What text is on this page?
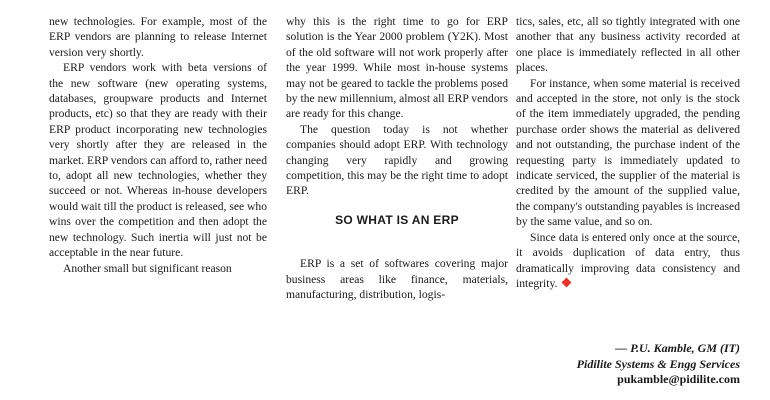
new technologies. For example, most of the ERP vendors are planning to release Internet version very shortly.

ERP vendors work with beta versions of the new software (new operating systems, databases, groupware products and Internet products, etc) so that they are ready with their ERP product incorporating new technologies very shortly after they are released in the market. ERP vendors can afford to, rather need to, adopt all new technologies, whether they succeed or not. Whereas in-house developers would wait till the product is released, see who wins over the competition and then adopt the new technology. Such inertia will just not be acceptable in the near future.

Another small but significant reason

why this is the right time to go for ERP solution is the Year 2000 problem (Y2K). Most of the old software will not work properly after the year 1999. While most in-house systems may not be geared to tackle the problems posed by the new millennium, almost all ERP vendors are ready for this change.

The question today is not whether companies should adopt ERP. With technology changing very rapidly and growing competition, this may be the right time to adopt ERP.

SO WHAT IS AN ERP

ERP is a set of softwares covering major business areas like finance, materials, manufacturing, distribution, logis-

tics, sales, etc, all so tightly integrated with one another that any business activity recorded at one place is immediately reflected in all other places.

For instance, when some material is received and accepted in the store, not only is the stock of the item immediately upgraded, the pending purchase order shows the material as delivered and not outstanding, the purchase indent of the requesting party is immediately updated to indicate serviced, the supplier of the material is credited by the amount of the supplied value, the company's outstanding payables is increased by the same value, and so on.

Since data is entered only once at the source, it avoids duplication of data entry, thus dramatically improving data consistency and integrity.

— P.U. Kamble, GM (IT)
Pidilite Systems & Engg Services
pukamble@pidilite.com
